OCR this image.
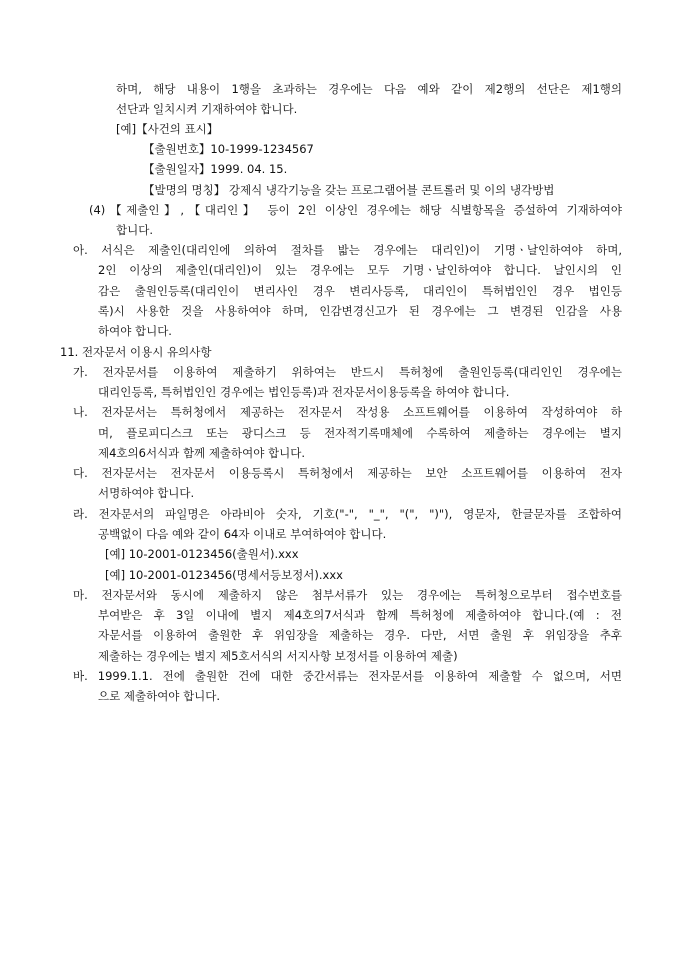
하며, 해당 내용이 1행을 초과하는 경우에는 다음 예와 같이 제2행의 선단은 제1행의
선단과 일치시켜 기재하여야 합니다.
[예]【사건의 표시】
【출원번호】10-1999-1234567
【출원일자】1999. 04. 15.
【발명의 명칭】 강제식 냉각기능을 갖는 프로그램어블 콘트롤러 및 이의 냉각방법
(4)【제출인】,【대리인】 등이 2인 이상인 경우에는 해당 식별항목을 증설하여 기재하여야
합니다.
아. 서식은 제출인(대리인에 의하여 절차를 밟는 경우에는 대리인)이 기명ㆍ날인하여야 하며,
2인 이상의 제출인(대리인)이 있는 경우에는 모두 기명ㆍ날인하여야 합니다. 날인시의 인
감은 출원인등록(대리인이 변리사인 경우 변리사등록, 대리인이 특허법인인 경우 법인등
록)시 사용한 것을 사용하여야 하며, 인감변경신고가 된 경우에는 그 변경된 인감을 사용
하여야 합니다.
11. 전자문서 이용시 유의사항
가. 전자문서를 이용하여 제출하기 위하여는 반드시 특허청에 출원인등록(대리인인 경우에는
대리인등록, 특허법인인 경우에는 법인등록)과 전자문서이용등록을 하여야 합니다.
나. 전자문서는 특허청에서 제공하는 전자문서 작성용 소프트웨어를 이용하여 작성하여야 하
며, 플로피디스크 또는 광디스크 등 전자적기록매체에 수록하여 제출하는 경우에는 별지
제4호의6서식과 함께 제출하여야 합니다.
다. 전자문서는 전자문서 이용등록시 특허청에서 제공하는 보안 소프트웨어를 이용하여 전자
서명하여야 합니다.
라. 전자문서의 파일명은 아라비아 숫자, 기호("-", "_", "(", ")"), 영문자, 한글문자를 조합하여
공백없이 다음 예와 같이 64자 이내로 부여하여야 합니다.
[예] 10-2001-0123456(출원서).xxx
[예] 10-2001-0123456(명세서등보정서).xxx
마. 전자문서와 동시에 제출하지 않은 첨부서류가 있는 경우에는 특허청으로부터 접수번호를
부여받은 후 3일 이내에 별지 제4호의7서식과 함께 특허청에 제출하여야 합니다.(예 : 전
자문서를 이용하여 출원한 후 위임장을 제출하는 경우. 다만, 서면 출원 후 위임장을 추후
제출하는 경우에는 별지 제5호서식의 서지사항 보정서를 이용하여 제출)
바. 1999.1.1. 전에 출원한 건에 대한 중간서류는 전자문서를 이용하여 제출할 수 없으며, 서면
으로 제출하여야 합니다.
